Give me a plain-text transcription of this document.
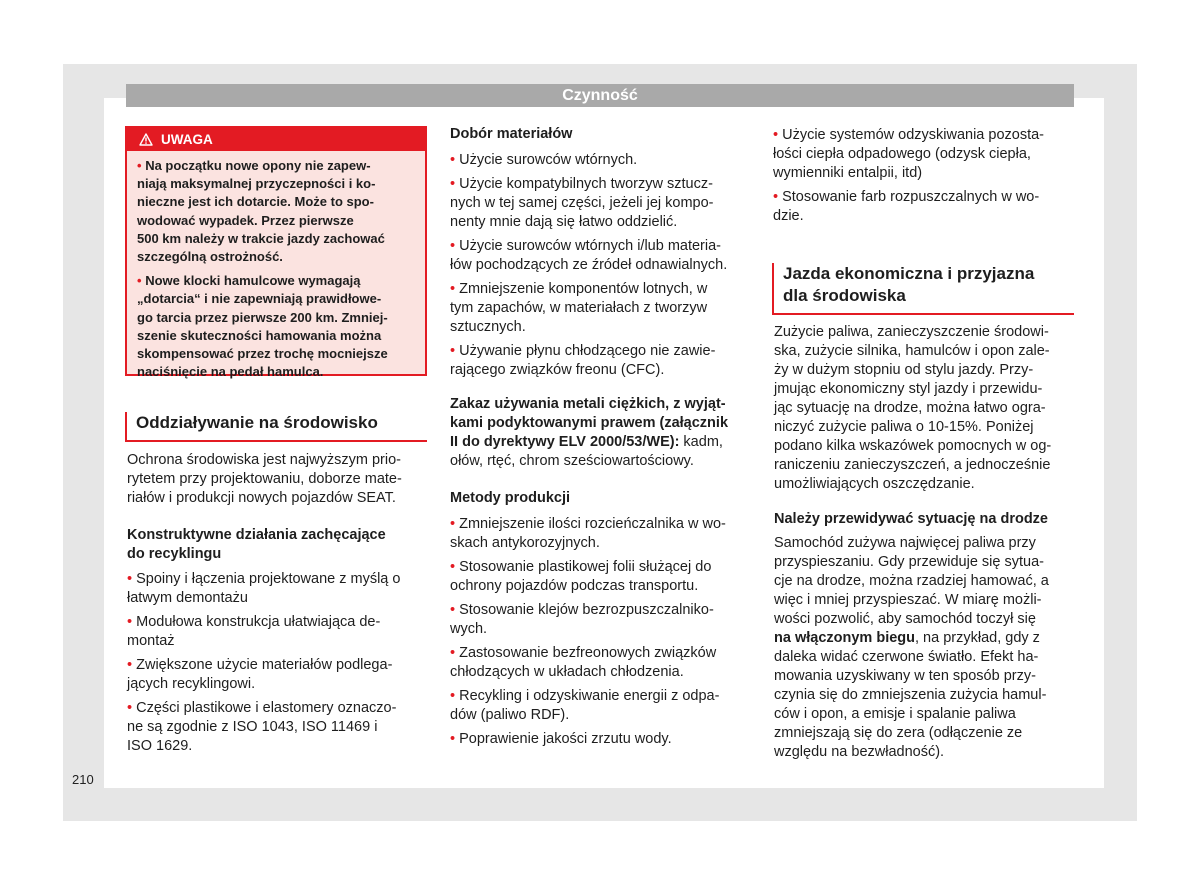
Czynność
UWAGA

• Na początku nowe opony nie zapew-
niają maksymalnej przyczepności i ko-
nieczne jest ich dotarcie. Może to spo-
wodować wypadek. Przez pierwsze
500 km należy w trakcie jazdy zachować
szczególną ostrożność.

• Nowe klocki hamulcowe wymagają
„dotarcia“ i nie zapewniają prawidłowe-
go tarcia przez pierwsze 200 km. Zmniej-
szenie skuteczności hamowania można
skompensować przez trochę mocniejsze
naciśnięcie na pedał hamulca.

Oddziaływanie na środowisko

Ochrona środowiska jest najwyższym prio-
rytetem przy projektowaniu, doborze mate-
riałów i produkcji nowych pojazdów SEAT.

Konstruktywne działania zachęcające
do recyklingu

• Spoiny i łączenia projektowane z myślą o
łatwym demontażu

• Modułowa konstrukcja ułatwiająca de-
montaż

• Zwiększone użycie materiałów podlega-
jących recyklingowi.

• Części plastikowe i elastomery oznaczo-
ne są zgodnie z ISO 1043, ISO 11469 i
ISO 1629.

Dobór materiałów

• Użycie surowców wtórnych.

• Użycie kompatybilnych tworzyw sztucz-
nych w tej samej części, jeżeli jej kompo-
nenty mnie dają się łatwo oddzielić.

• Użycie surowców wtórnych i/lub materia-
łów pochodzących ze źródeł odnawialnych.

• Zmniejszenie komponentów lotnych, w
tym zapachów, w materiałach z tworzyw
sztucznych.

• Używanie płynu chłodzącego nie zawie-
rającego związków freonu (CFC).

Zakaz używania metali ciężkich, z wyjąt-
kami podyktowanymi prawem (załącznik
II do dyrektywy ELV 2000/53/WE): kadm,
ołów, rtęć, chrom sześciowartościowy.

Metody produkcji

• Zmniejszenie ilości rozcieńczalnika w wo-
skach antykorozyjnych.

• Stosowanie plastikowej folii służącej do
ochrony pojazdów podczas transportu.

• Stosowanie klejów bezrozpuszczalniko-
wych.

• Zastosowanie bezfreonowych związków
chłodzących w układach chłodzenia.

• Recykling i odzyskiwanie energii z odpa-
dów (paliwo RDF).

• Poprawienie jakości zrzutu wody.

• Użycie systemów odzyskiwania pozosta-
łości ciepła odpadowego (odzysk ciepła,
wymienniki entalpii, itd)

• Stosowanie farb rozpuszczalnych w wo-
dzie.

Jazda ekonomiczna i przyjazna
dla środowiska

Zużycie paliwa, zanieczyszczenie środowi-
ska, zużycie silnika, hamulców i opon zale-
ży w dużym stopniu od stylu jazdy. Przy-
jmując ekonomiczny styl jazdy i przewidu-
jąc sytuację na drodze, można łatwo ogra-
niczyć zużycie paliwa o 10-15%. Poniżej
podano kilka wskazówek pomocnych w og-
raniczeniu zanieczyszczeń, a jednocześnie
umożliwiających oszczędzanie.

Należy przewidywać sytuację na drodze

Samochód zużywa najwięcej paliwa przy
przyspieszaniu. Gdy przewiduje się sytua-
cje na drodze, można rzadziej hamować, a
więc i mniej przyspieszać. W miarę możli-
wości pozwolić, aby samochód toczył się
na włączonym biegu, na przykład, gdy z
daleka widać czerwone światło. Efekt ha-
mowania uzyskiwany w ten sposób przy-
czynia się do zmniejszenia zużycia hamul-
ców i opon, a emisje i spalanie paliwa
zmniejszają się do zera (odłączenie ze
względu na bezwładność).

210
